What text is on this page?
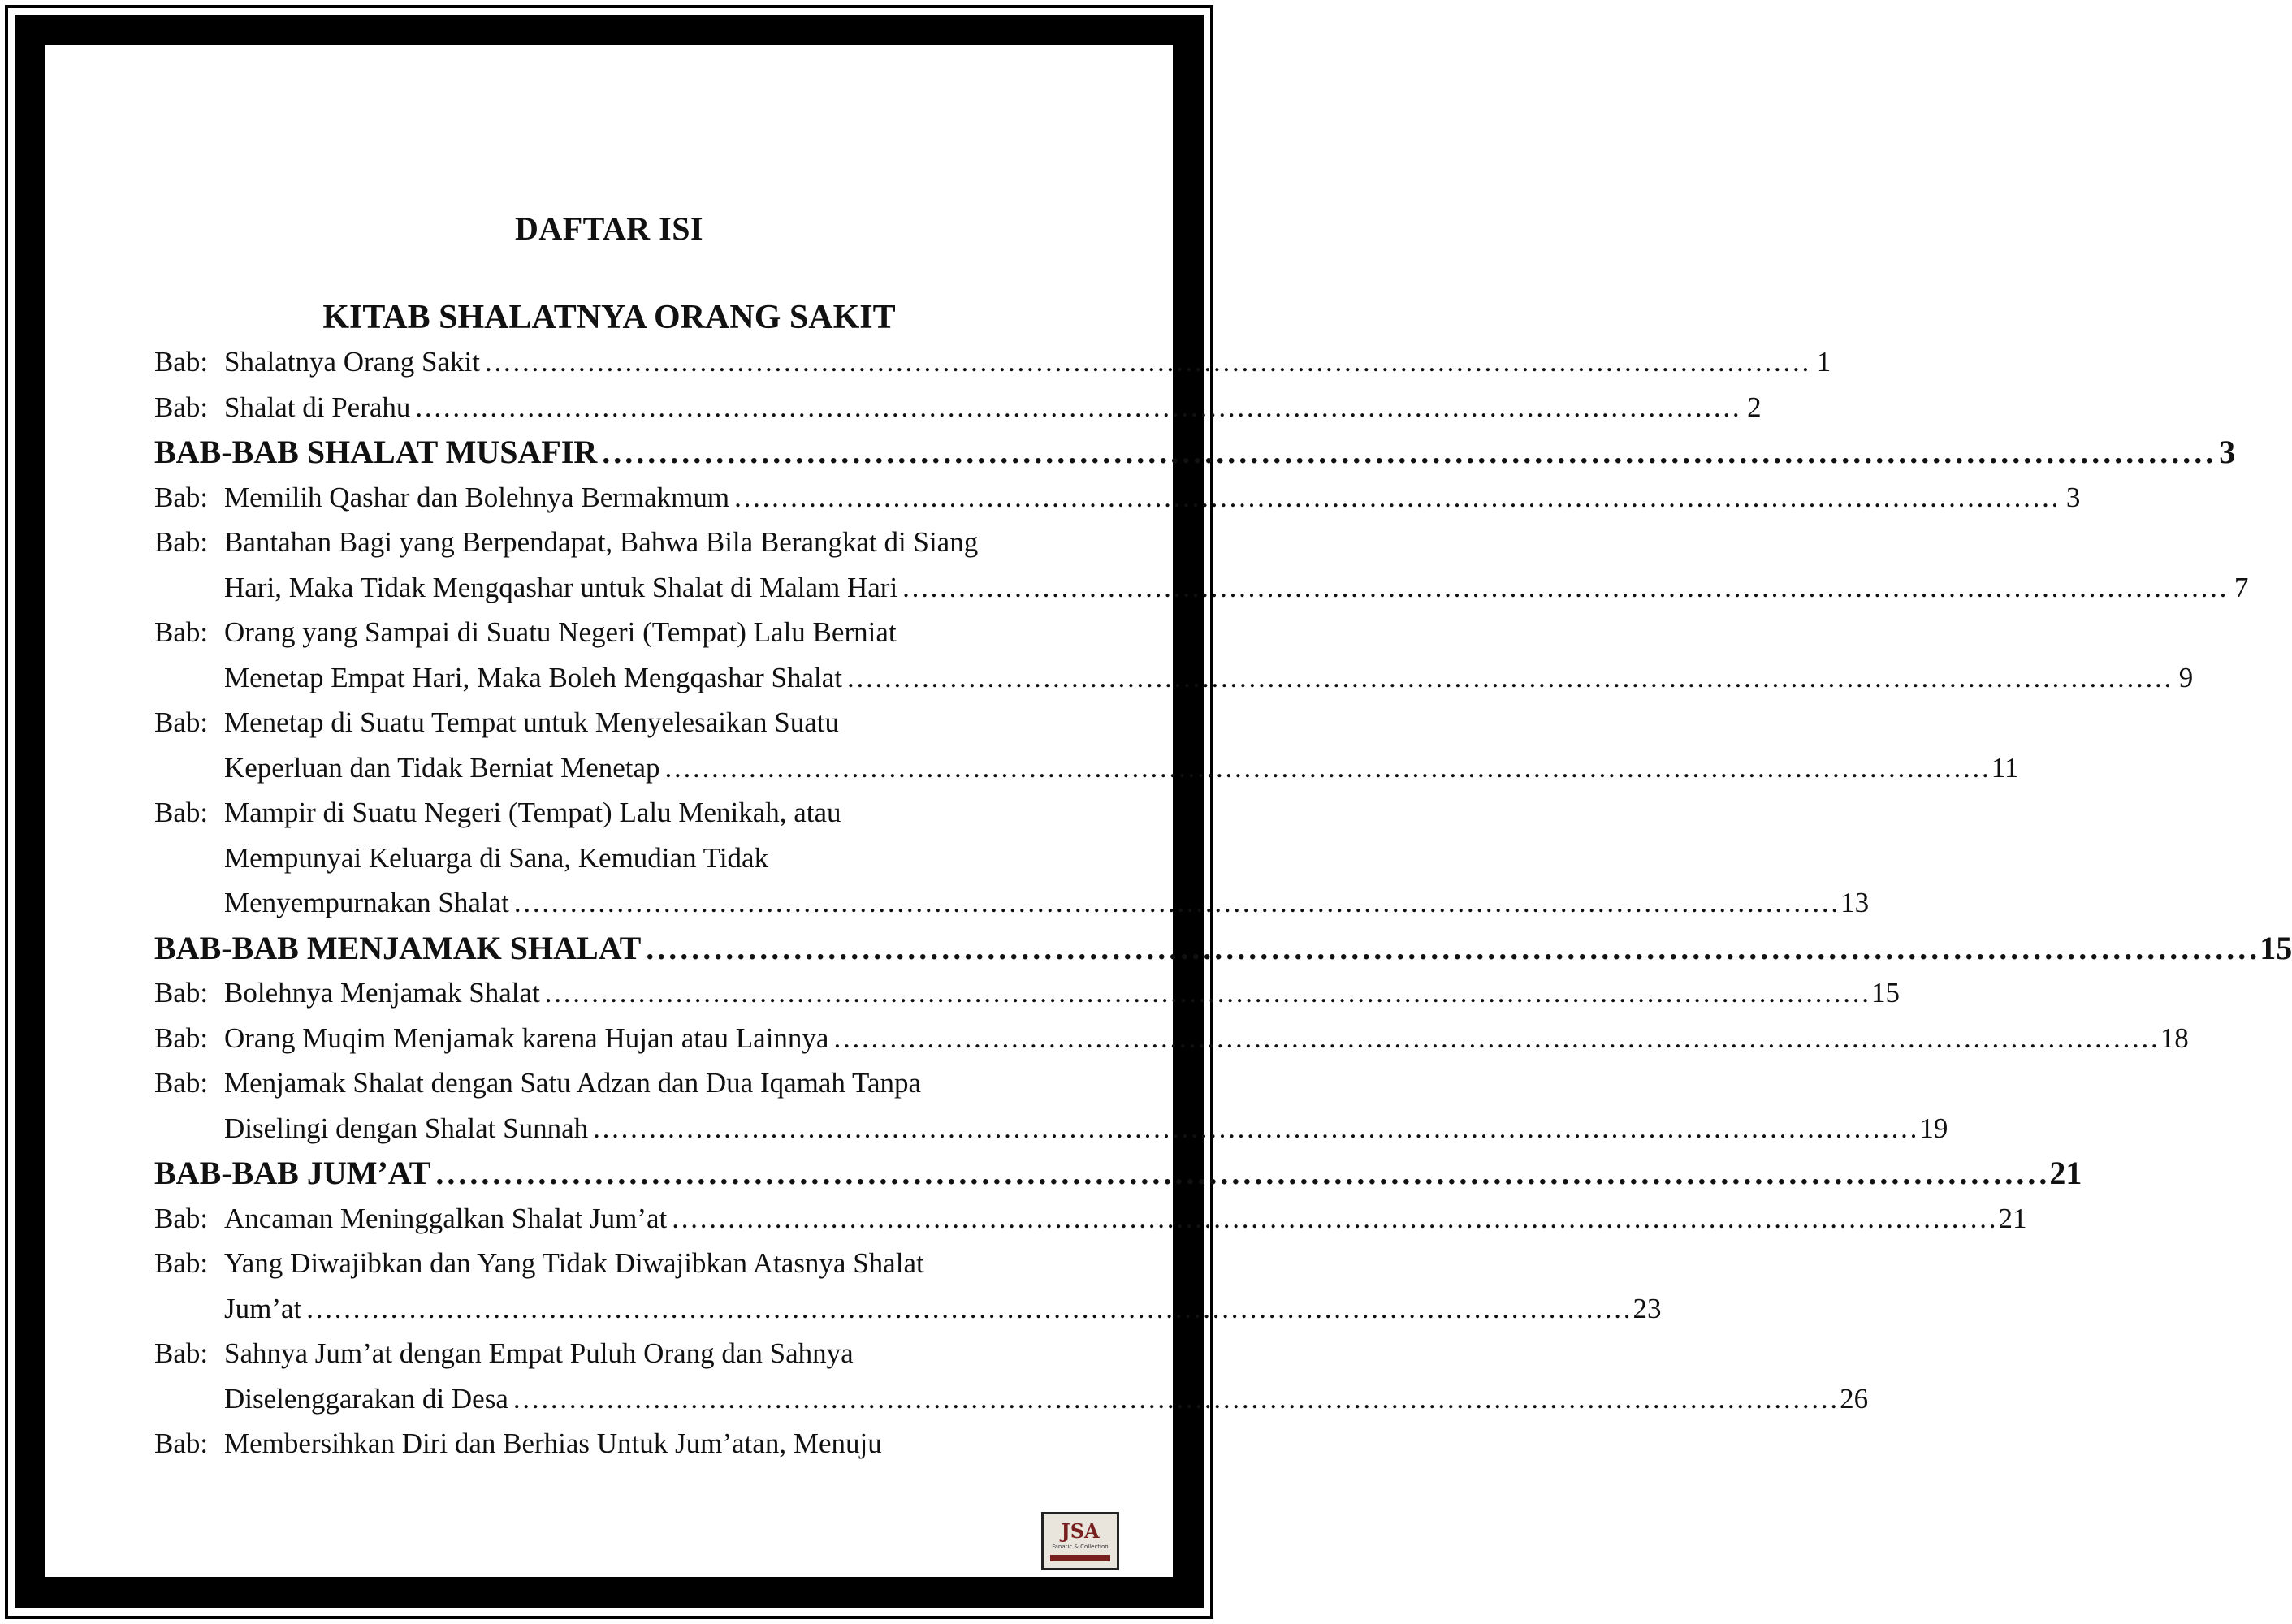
DAFTAR ISI
KITAB SHALATNYA ORANG SAKIT
Bab: Shalatnya Orang Sakit . . .	1
Bab: Shalat di Perahu . . .	2
BAB-BAB SHALAT MUSAFIR . . .	3
Bab: Memilih Qashar dan Bolehnya Bermakmum . . .	3
Bab: Bantahan Bagi yang Berpendapat, Bahwa Bila Berangkat di Siang
Hari, Maka Tidak Mengqashar untuk Shalat di Malam Hari . . .	7
Bab: Orang yang Sampai di Suatu Negeri (Tempat) Lalu Berniat
Menetap Empat Hari, Maka Boleh Mengqashar Shalat . . .	9
Bab: Menetap di Suatu Tempat untuk Menyelesaikan Suatu
Keperluan dan Tidak Berniat Menetap . . .	11
Bab: Mampir di Suatu Negeri (Tempat) Lalu Menikah, atau
Mempunyai Keluarga di Sana, Kemudian Tidak
Menyempurnakan Shalat . . .	13
BAB-BAB MENJAMAK SHALAT . . .	15
Bab: Bolehnya Menjamak Shalat . . .	15
Bab: Orang Muqim Menjamak karena Hujan atau Lainnya . . .	18
Bab: Menjamak Shalat dengan Satu Adzan dan Dua Iqamah Tanpa
Diselingi dengan Shalat Sunnah . . .	19
BAB-BAB JUM’AT . . .	21
Bab: Ancaman Meninggalkan Shalat Jum’at . . .	21
Bab: Yang Diwajibkan dan Yang Tidak Diwajibkan Atasnya Shalat
Jum’at . . .	23
Bab: Sahnya Jum’at dengan Empat Puluh Orang dan Sahnya
Diselenggarakan di Desa . . .	26
Bab: Membersihkan Diri dan Berhias Untuk Jum’atan, Menuju
JSA
Fanatic & Collection
